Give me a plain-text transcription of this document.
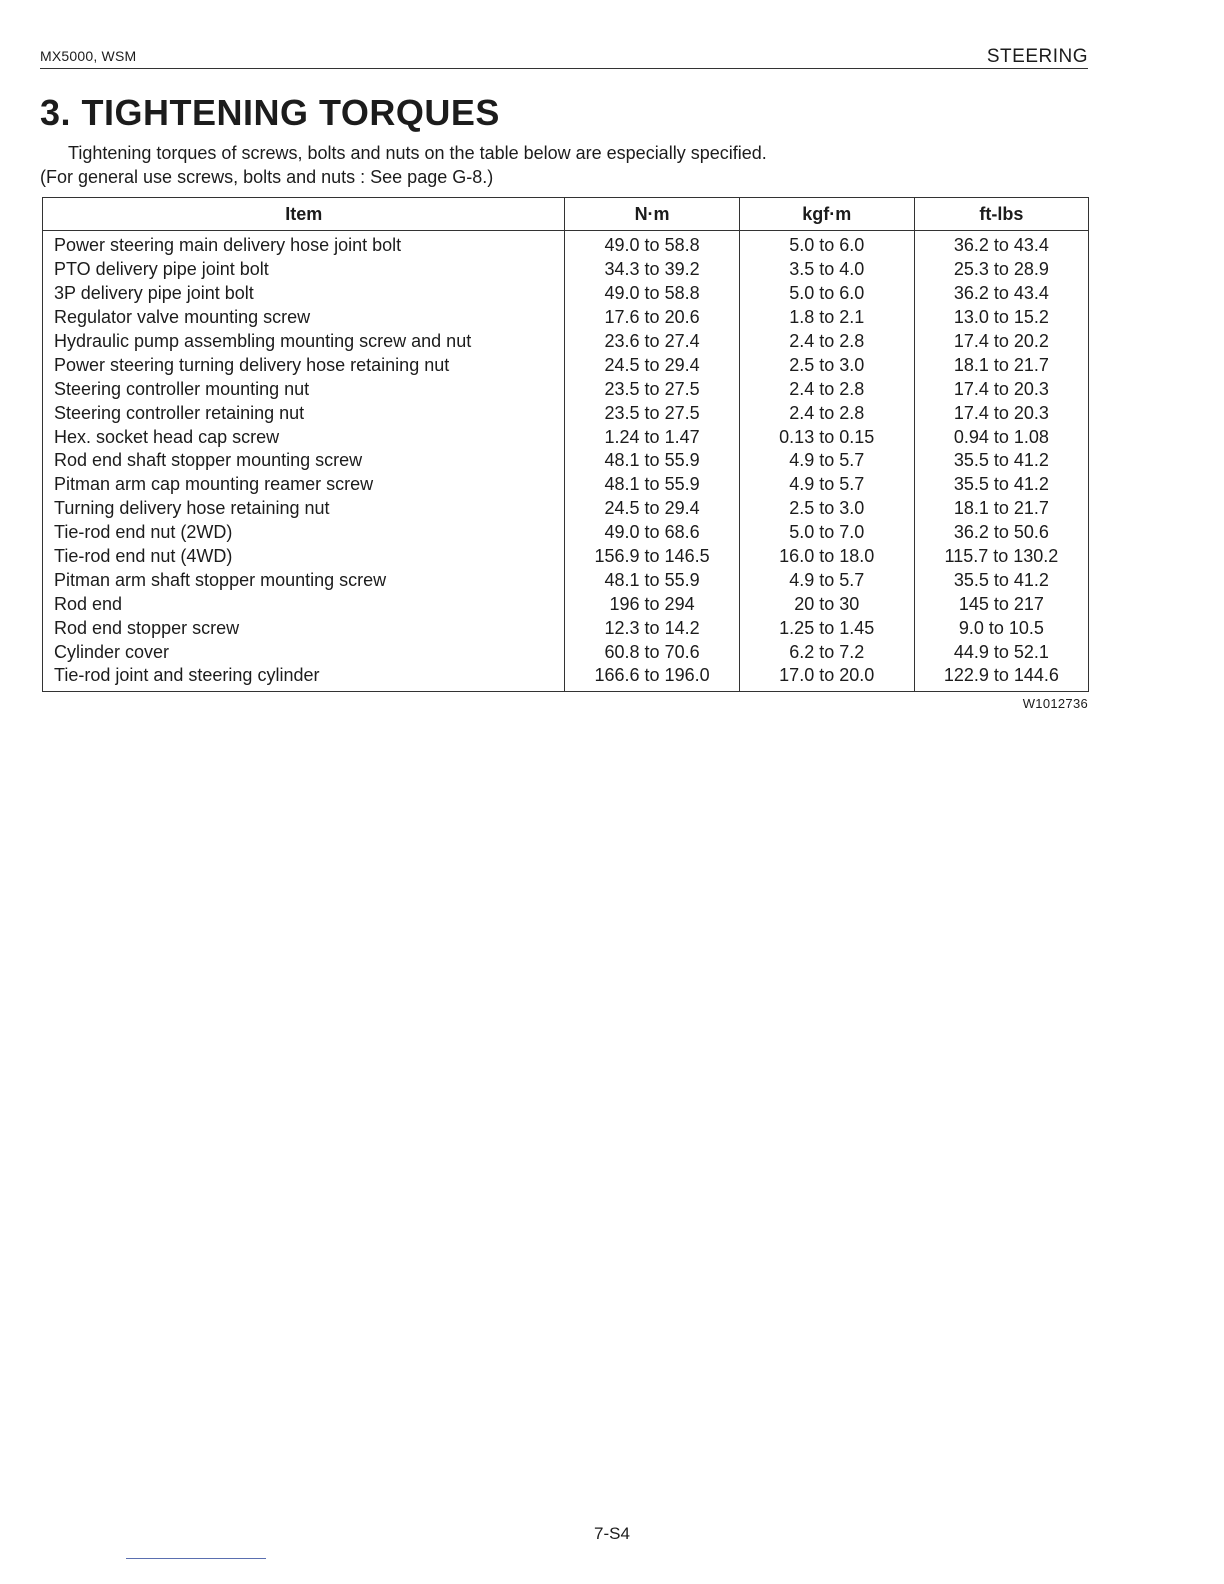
MX5000, WSM	STEERING
3. TIGHTENING TORQUES
Tightening torques of screws, bolts and nuts on the table below are especially specified.
(For general use screws, bolts and nuts : See page G-8.)
Item	N·m	kgf·m	ft-lbs
Power steering main delivery hose joint bolt	49.0 to 58.8	5.0 to 6.0	36.2 to 43.4
PTO delivery pipe joint bolt	34.3 to 39.2	3.5 to 4.0	25.3 to 28.9
3P delivery pipe joint bolt	49.0 to 58.8	5.0 to 6.0	36.2 to 43.4
Regulator valve mounting screw	17.6 to 20.6	1.8 to 2.1	13.0 to 15.2
Hydraulic pump assembling mounting screw and nut	23.6 to 27.4	2.4 to 2.8	17.4 to 20.2
Power steering turning delivery hose retaining nut	24.5 to 29.4	2.5 to 3.0	18.1 to 21.7
Steering controller mounting nut	23.5 to 27.5	2.4 to 2.8	17.4 to 20.3
Steering controller retaining nut	23.5 to 27.5	2.4 to 2.8	17.4 to 20.3
Hex. socket head cap screw	1.24 to 1.47	0.13 to 0.15	0.94 to 1.08
Rod end shaft stopper mounting screw	48.1 to 55.9	4.9 to 5.7	35.5 to 41.2
Pitman arm cap mounting reamer screw	48.1 to 55.9	4.9 to 5.7	35.5 to 41.2
Turning delivery hose retaining nut	24.5 to 29.4	2.5 to 3.0	18.1 to 21.7
Tie-rod end nut (2WD)	49.0 to 68.6	5.0 to 7.0	36.2 to 50.6
Tie-rod end nut (4WD)	156.9 to 146.5	16.0 to 18.0	115.7 to 130.2
Pitman arm shaft stopper mounting screw	48.1 to 55.9	4.9 to 5.7	35.5 to 41.2
Rod end	196 to 294	20 to 30	145 to 217
Rod end stopper screw	12.3 to 14.2	1.25 to 1.45	9.0 to 10.5
Cylinder cover	60.8 to 70.6	6.2 to 7.2	44.9 to 52.1
Tie-rod joint and steering cylinder	166.6 to 196.0	17.0 to 20.0	122.9 to 144.6
W1012736
7-S4
